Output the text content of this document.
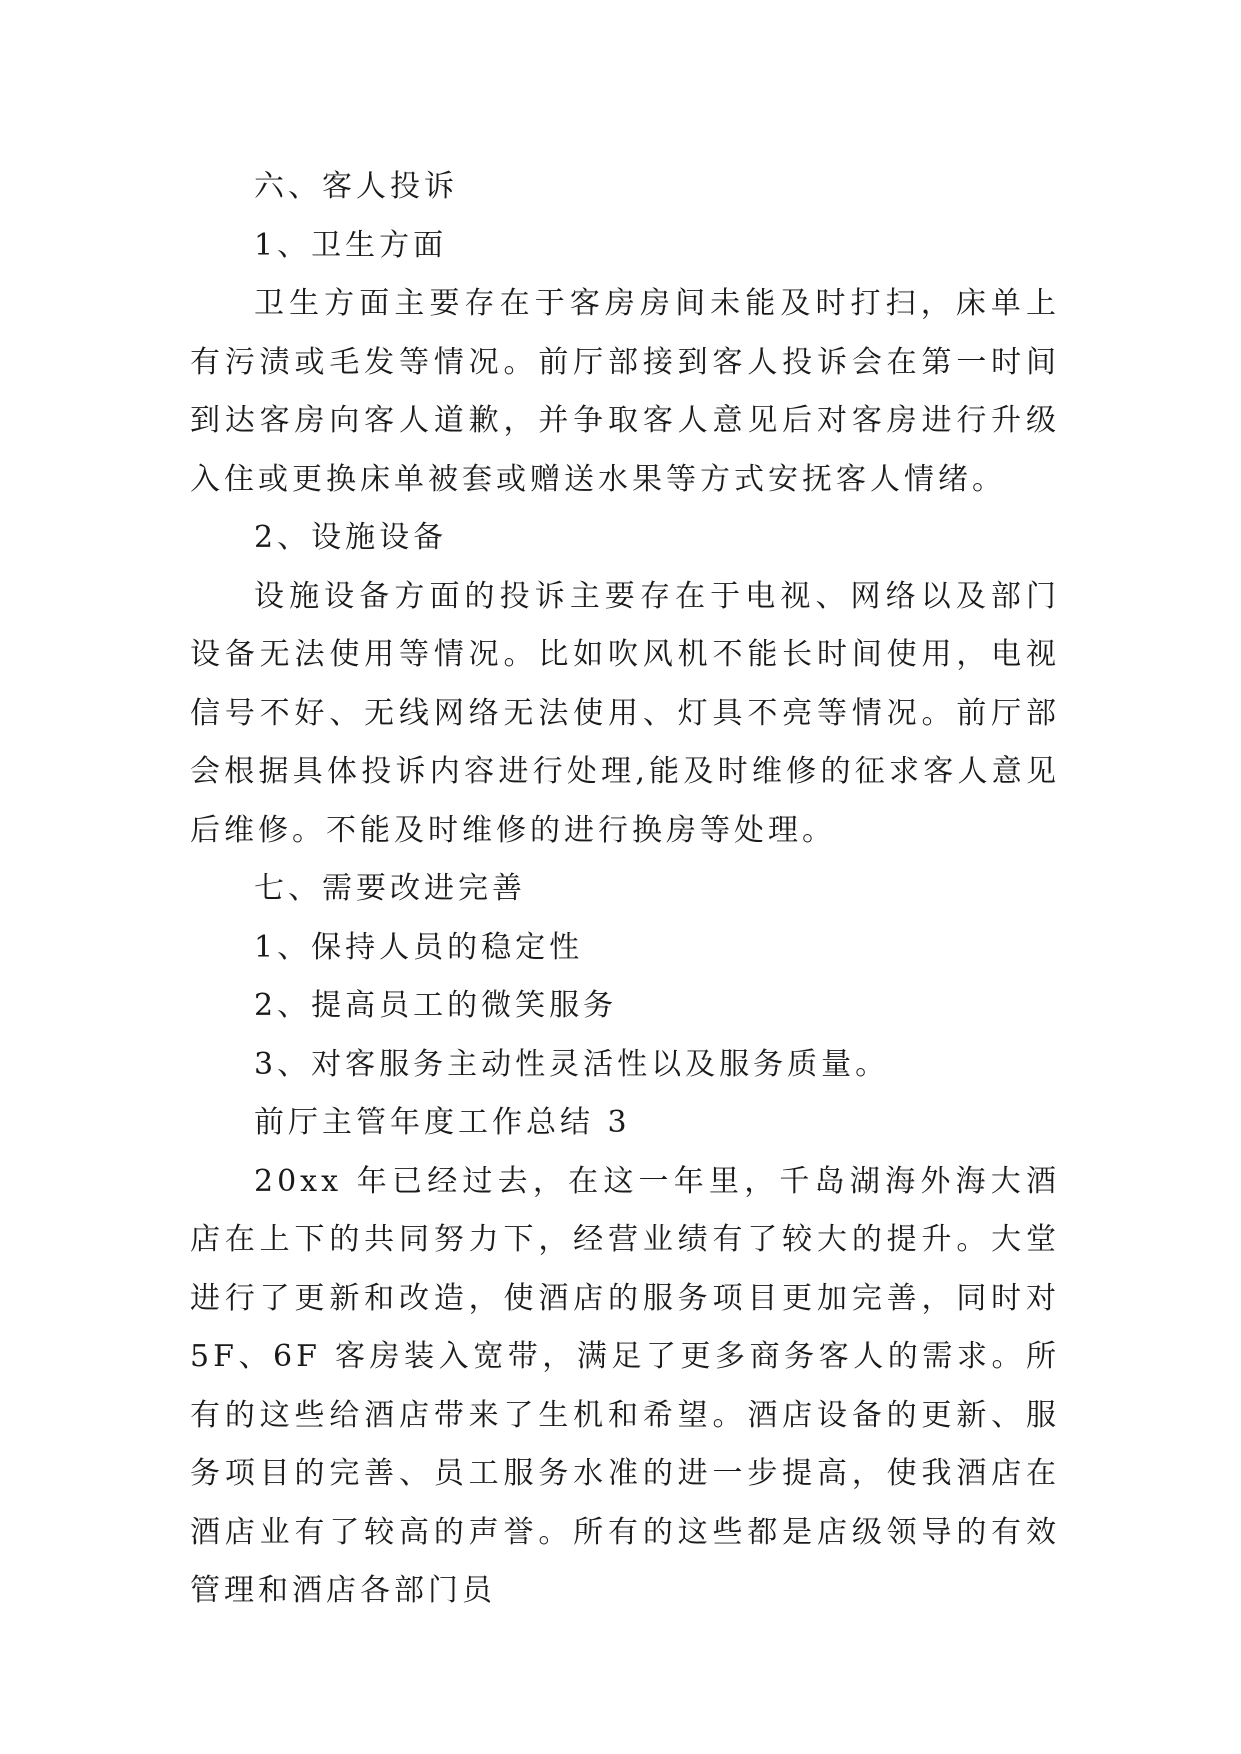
六、客人投诉

1、卫生方面

卫生方面主要存在于客房房间未能及时打扫，床单上有污渍或毛发等情况。前厅部接到客人投诉会在第一时间到达客房向客人道歉，并争取客人意见后对客房进行升级入住或更换床单被套或赠送水果等方式安抚客人情绪。

2、设施设备

设施设备方面的投诉主要存在于电视、网络以及部门设备无法使用等情况。比如吹风机不能长时间使用，电视信号不好、无线网络无法使用、灯具不亮等情况。前厅部会根据具体投诉内容进行处理,能及时维修的征求客人意见后维修。不能及时维修的进行换房等处理。

七、需要改进完善

1、保持人员的稳定性

2、提高员工的微笑服务

3、对客服务主动性灵活性以及服务质量。

前厅主管年度工作总结 3

20xx 年已经过去，在这一年里，千岛湖海外海大酒店在上下的共同努力下，经营业绩有了较大的提升。大堂进行了更新和改造，使酒店的服务项目更加完善，同时对 5F、6F 客房装入宽带，满足了更多商务客人的需求。所有的这些给酒店带来了生机和希望。酒店设备的更新、服务项目的完善、员工服务水准的进一步提高，使我酒店在酒店业有了较高的声誉。所有的这些都是店级领导的有效管理和酒店各部门员
